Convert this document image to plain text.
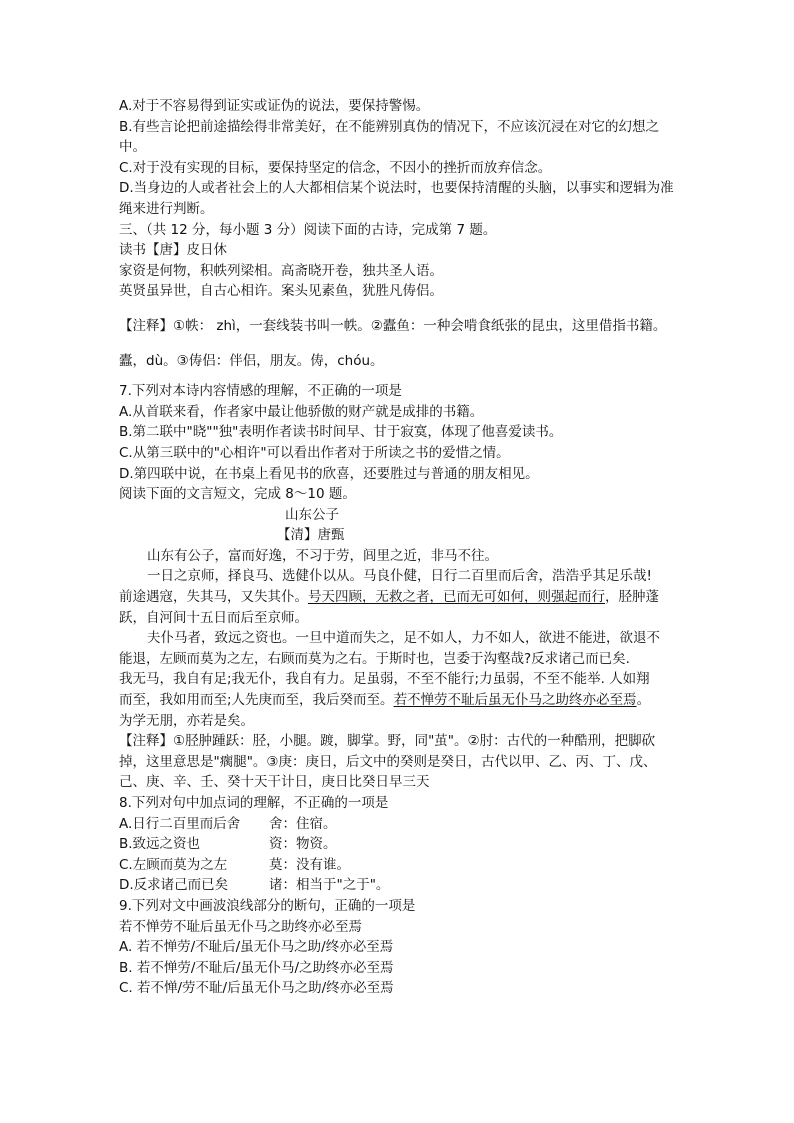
A.对于不容易得到证实或证伪的说法，要保持警惕。
B.有些言论把前途描绘得非常美好，在不能辨别真伪的情况下，不应该沉浸在对它的幻想之中。
C.对于没有实现的目标，要保持坚定的信念，不因小的挫折而放弃信念。
D.当身边的人或者社会上的人大都相信某个说法时，也要保持清醒的头脑，以事实和逻辑为准绳来进行判断。
三、（共 12 分，每小题 3 分）阅读下面的古诗，完成第 7 题。
读书【唐】皮日休
家资是何物，积帙列梁相。高斋晓开卷，独共圣人语。
英贤虽异世，自古心相许。案头见素鱼，犹胜凡俦侣。
【注释】①帙： zhì，一套线装书叫一帙。②蠹鱼：一种会啃食纸张的昆虫，这里借指书籍。
蠹，dù。③俦侣：伴侣，朋友。俦，chóu。
7.下列对本诗内容情感的理解，不正确的一项是
A.从首联来看，作者家中最让他骄傲的财产就是成排的书籍。
B.第二联中"晓""独"表明作者读书时间早、甘于寂寞，体现了他喜爱读书。
C.从第三联中的"心相许"可以看出作者对于所读之书的爱惜之情。
D.第四联中说，在书桌上看见书的欣喜，还要胜过与普通的朋友相见。
阅读下面的文言短文，完成 8～10 题。
山东公子
【清】唐甄
山东有公子，富而好逸，不习于劳，闾里之近，非马不往。
一日之京师，择良马、选健仆以从。马良仆健，日行二百里而后舍，浩浩乎其足乐哉!
前途遇寇，失其马，又失其仆。号天四顾，无救之者，已而无可如何，则强起而行，胫肿蓬
跃，自河间十五日而后至京师。
夫仆马者，致远之资也。一旦中道而失之，足不如人，力不如人，欲进不能进，欲退不
能退，左顾而莫为之左，右顾而莫为之右。于斯时也，岂委于沟壑哉?反求诸己而已矣.
我无马，我自有足;我无仆，我自有力。足虽弱，不至不能行;力虽弱，不至不能举. 人如翔
而至，我如用而至;人先庚而至，我后癸而至。若不惮劳不耻后虽无仆马之助终亦必至焉。
为学无朋，亦若是矣。
【注释】①胫肿踵跃：胫，小腿。踱，脚掌。野，同"茧"。②肘：古代的一种酷刑，把脚砍
掉，这里意思是"瘸腿"。③庚：庚日，后文中的癸则是癸日，古代以甲、乙、丙、丁、戊、
己、庚、辛、壬、癸十天干计日，庚日比癸日早三天
8.下列对句中加点词的理解，不正确的一项是
A.日行二百里而后舍 舍：住宿。
B.致远之资也	资：物资。
C.左顾而莫为之左	莫：没有谁。
D.反求诸己而已矣	诸：相当于"之于"。
9.下列对文中画波浪线部分的断句，正确的一项是
若不惮劳不耻后虽无仆马之助终亦必至焉
A. 若不惮劳/不耻后/虽无仆马之助/终亦必至焉
B. 若不惮劳/不耻后/虽无仆马/之助终亦必至焉
C. 若不惮/劳不耻/后虽无仆马之助/终亦必至焉
